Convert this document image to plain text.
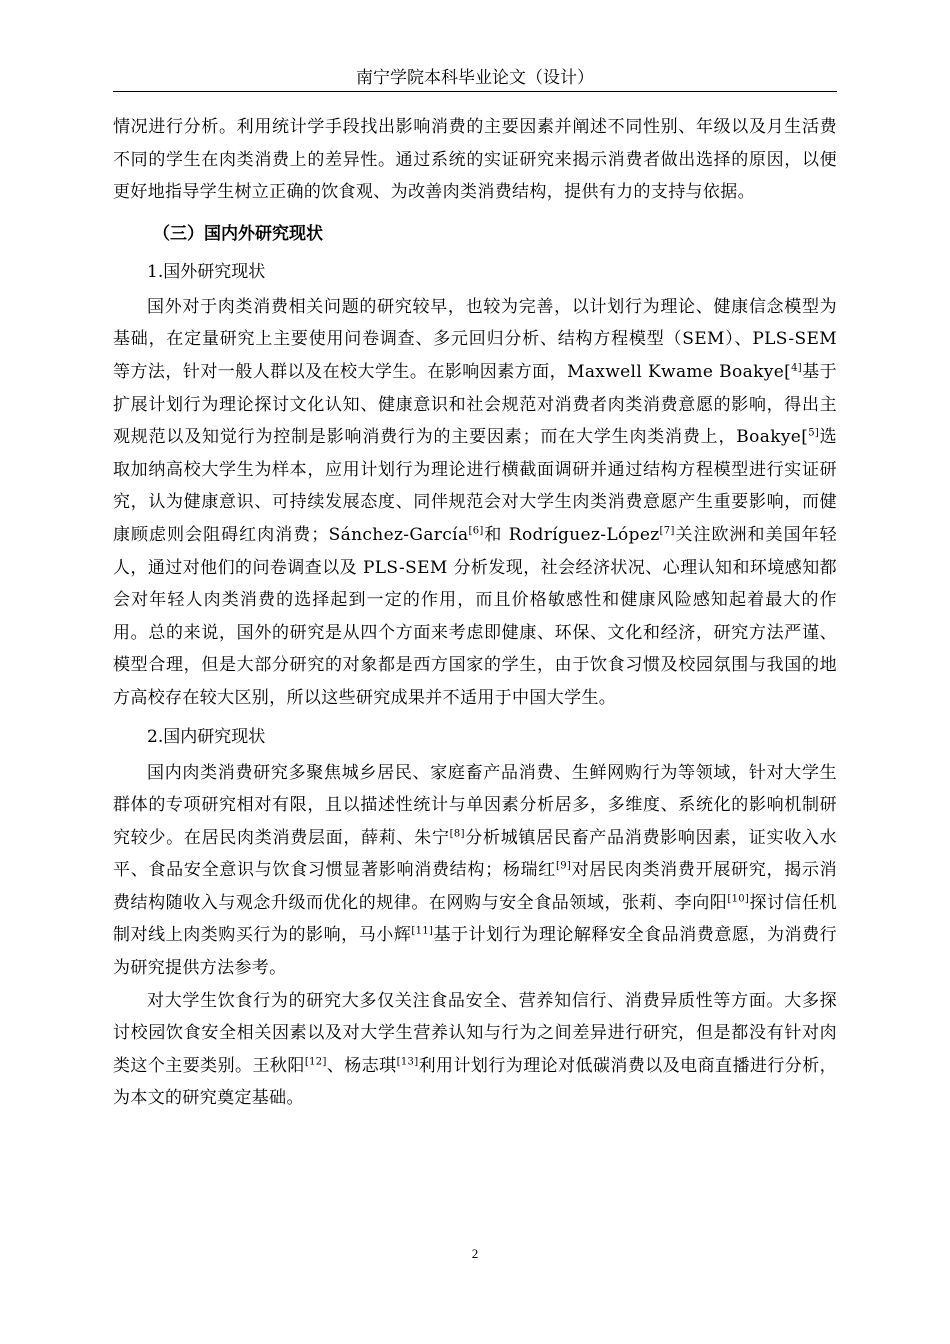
南宁学院本科毕业论文（设计）

情况进行分析。利用统计学手段找出影响消费的主要因素并阐述不同性别、年级以及月生活费不同的学生在肉类消费上的差异性。通过系统的实证研究来揭示消费者做出选择的原因，以便更好地指导学生树立正确的饮食观、为改善肉类消费结构，提供有力的支持与依据。

（三）国内外研究现状
1.国外研究现状

国外对于肉类消费相关问题的研究较早，也较为完善，以计划行为理论、健康信念模型为基础，在定量研究上主要使用问卷调查、多元回归分析、结构方程模型（SEM）、PLS-SEM 等方法，针对一般人群以及在校大学生。在影响因素方面，Maxwell Kwame Boakye[$^{4]}$基于扩展计划行为理论探讨文化认知、健康意识和社会规范对消费者肉类消费意愿的影响，得出主观规范以及知觉行为控制是影响消费行为的主要因素；而在大学生肉类消费上，Boakye[$^{5]}$选取加纳高校大学生为样本，应用计划行为理论进行横截面调研并通过结构方程模型进行实证研究，认为健康意识、可持续发展态度、同伴规范会对大学生肉类消费意愿产生重要影响，而健康顾虑则会阻碍红肉消费；Sánchez-García[6]和 Rodríguez-López[7]关注欧洲和美国年轻人，通过对他们的问卷调查以及 PLS-SEM 分析发现，社会经济状况、心理认知和环境感知都会对年轻人肉类消费的选择起到一定的作用，而且价格敏感性和健康风险感知起着最大的作用。总的来说，国外的研究是从四个方面来考虑即健康、环保、文化和经济，研究方法严谨、模型合理，但是大部分研究的对象都是西方国家的学生，由于饮食习惯及校园氛围与我国的地方高校存在较大区别，所以这些研究成果并不适用于中国大学生。

2.国内研究现状

国内肉类消费研究多聚焦城乡居民、家庭畜产品消费、生鲜网购行为等领域，针对大学生群体的专项研究相对有限，且以描述性统计与单因素分析居多，多维度、系统化的影响机制研究较少。在居民肉类消费层面，薛莉、朱宁[8]分析城镇居民畜产品消费影响因素，证实收入水平、食品安全意识与饮食习惯显著影响消费结构；杨瑞红[9]对居民肉类消费开展研究，揭示消费结构随收入与观念升级而优化的规律。在网购与安全食品领域，张莉、李向阳[10]探讨信任机制对线上肉类购买行为的影响，马小辉[11]基于计划行为理论解释安全食品消费意愿，为消费行为研究提供方法参考。

对大学生饮食行为的研究大多仅关注食品安全、营养知信行、消费异质性等方面。大多探讨校园饮食安全相关因素以及对大学生营养认知与行为之间差异进行研究，但是都没有针对肉类这个主要类别。王秋阳[12]、杨志琪[13]利用计划行为理论对低碳消费以及电商直播进行分析，为本文的研究奠定基础。

2
